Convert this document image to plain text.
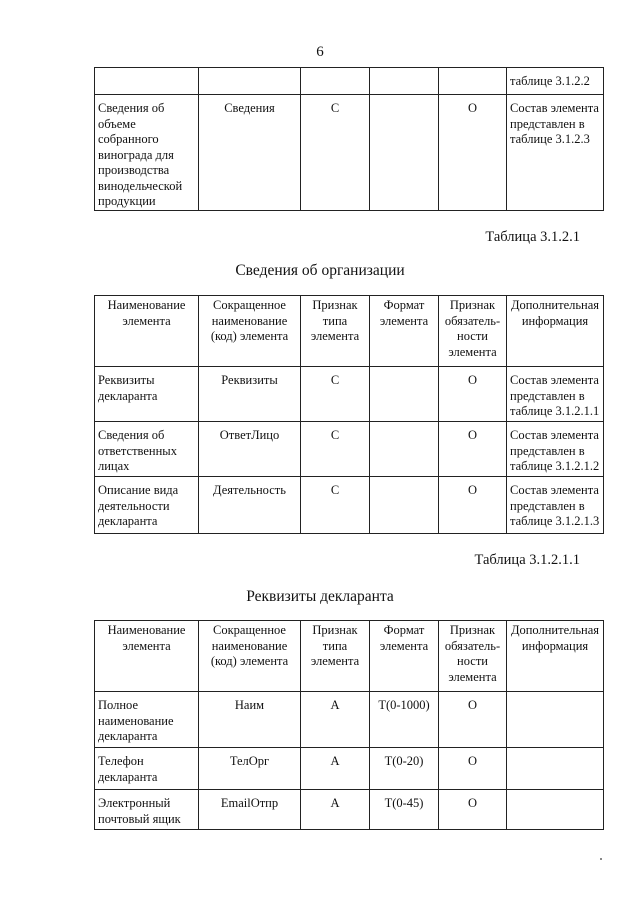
6
					таблице 3.1.2.2
Сведения об объеме собранного винограда для производства винодельческой продукции	Сведения	С		О	Состав элемента представлен в таблице 3.1.2.3
Таблица 3.1.2.1
Сведения об организации
Наименование элемента	Сокращенное наименование (код) элемента	Признак типа элемента	Формат элемента	Признак обязатель-ности элемента	Дополнительная информация
Реквизиты декларанта	Реквизиты	С		О	Состав элемента представлен в таблице 3.1.2.1.1
Сведения об ответственных лицах	ОтветЛицо	С		О	Состав элемента представлен в таблице 3.1.2.1.2
Описание вида деятельности декларанта	Деятельность	С		О	Состав элемента представлен в таблице 3.1.2.1.3
Таблица 3.1.2.1.1
Реквизиты декларанта
Наименование элемента	Сокращенное наименование (код) элемента	Признак типа элемента	Формат элемента	Признак обязатель-ности элемента	Дополнительная информация
Полное наименование декларанта	Наим	А	Т(0-1000)	О	
Телефон декларанта	ТелОрг	А	Т(0-20)	О	
Электронный почтовый ящик	EmailОтпр	А	Т(0-45)	О	
